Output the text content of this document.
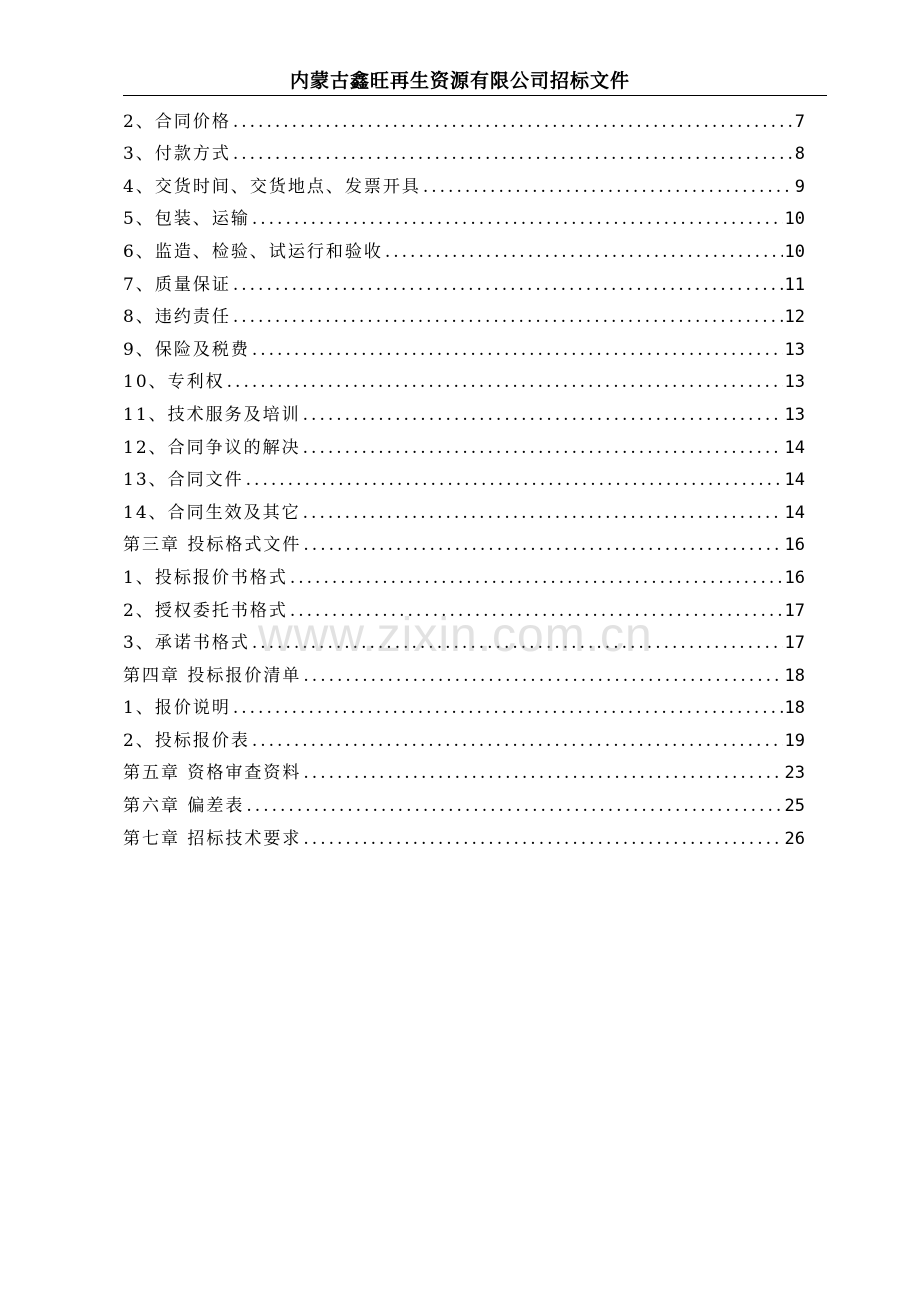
内蒙古鑫旺再生资源有限公司招标文件
2、合同价格 .....	7
3、付款方式 .....	8
4、交货时间、交货地点、发票开具 .....	9
5、包装、运输 .....	10
6、监造、检验、试运行和验收 .....	10
7、质量保证 .....	11
8、违约责任 .....	12
9、保险及税费 .....	13
10、专利权 .....	13
11、技术服务及培训 .....	13
12、合同争议的解决 .....	14
13、合同文件 .....	14
14、合同生效及其它 .....	14
第三章 投标格式文件 .....	16
1、投标报价书格式 .....	16
2、授权委托书格式 .....	17
3、承诺书格式 .....	17
第四章 投标报价清单 .....	18
1、报价说明 .....	18
2、投标报价表 .....	19
第五章 资格审查资料 .....	23
第六章 偏差表 .....	25
第七章 招标技术要求 .....	26
www.zixin.com.cn
